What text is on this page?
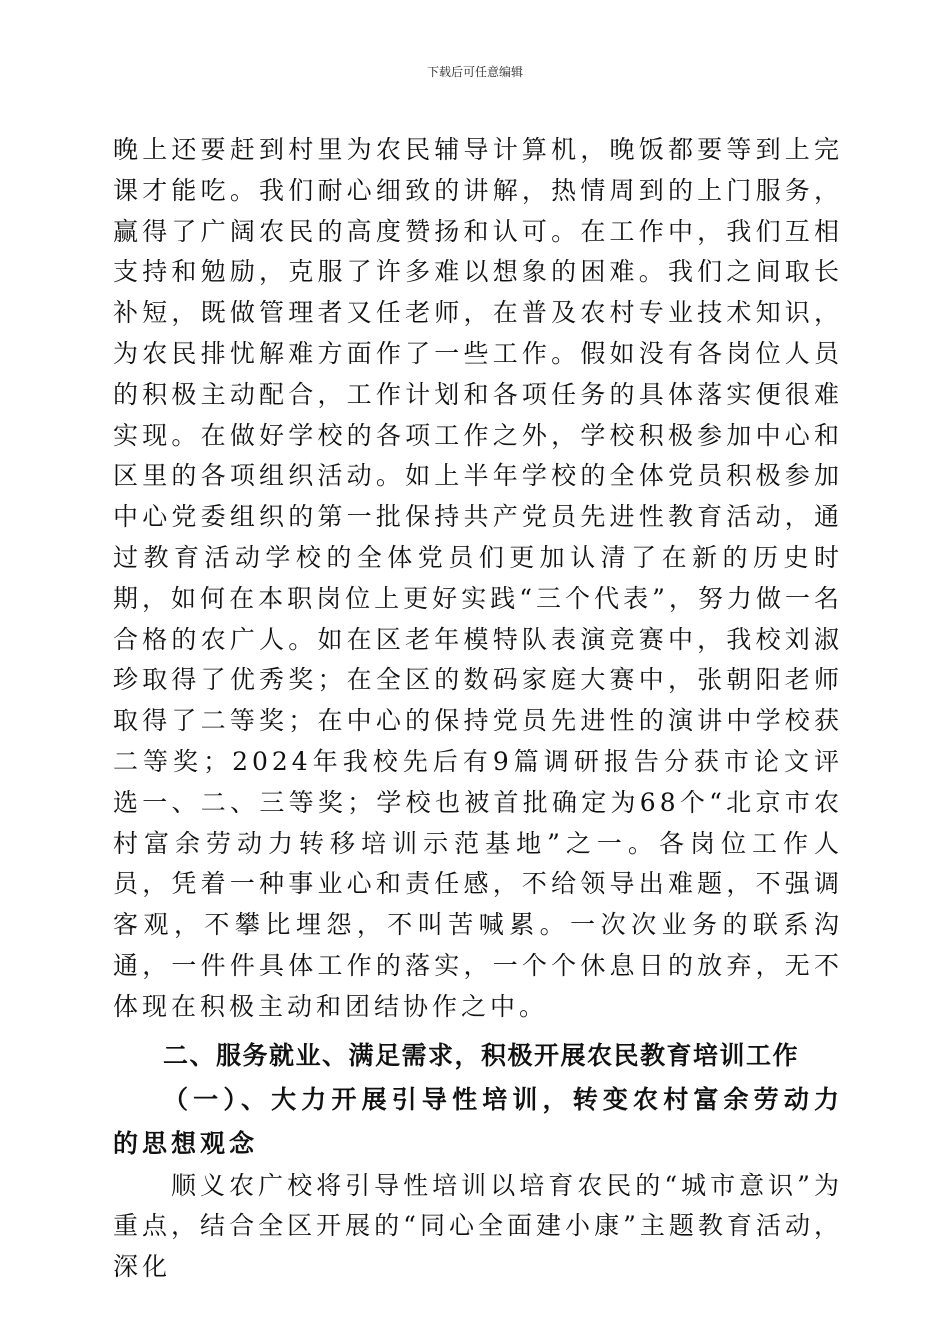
下载后可任意编辑

晚上还要赶到村里为农民辅导计算机，晚饭都要等到上完课才能吃。我们耐心细致的讲解，热情周到的上门服务，赢得了广阔农民的高度赞扬和认可。在工作中，我们互相支持和勉励，克服了许多难以想象的困难。我们之间取长补短，既做管理者又任老师，在普及农村专业技术知识，为农民排忧解难方面作了一些工作。假如没有各岗位人员的积极主动配合，工作计划和各项任务的具体落实便很难实现。在做好学校的各项工作之外，学校积极参加中心和区里的各项组织活动。如上半年学校的全体党员积极参加中心党委组织的第一批保持共产党员先进性教育活动，通过教育活动学校的全体党员们更加认清了在新的历史时期，如何在本职岗位上更好实践“三个代表”，努力做一名合格的农广人。如在区老年模特队表演竞赛中，我校刘淑珍取得了优秀奖；在全区的数码家庭大赛中，张朝阳老师取得了二等奖；在中心的保持党员先进性的演讲中学校获二等奖；2024年我校先后有9篇调研报告分获市论文评选一、二、三等奖；学校也被首批确定为68个“北京市农村富余劳动力转移培训示范基地”之一。各岗位工作人员，凭着一种事业心和责任感，不给领导出难题，不强调客观，不攀比埋怨，不叫苦喊累。一次次业务的联系沟通，一件件具体工作的落实，一个个休息日的放弃，无不体现在积极主动和团结协作之中。

二、服务就业、满足需求，积极开展农民教育培训工作

（一）、大力开展引导性培训，转变农村富余劳动力的思想观念

顺义农广校将引导性培训以培育农民的“城市意识”为重点，结合全区开展的“同心全面建小康”主题教育活动，深化
